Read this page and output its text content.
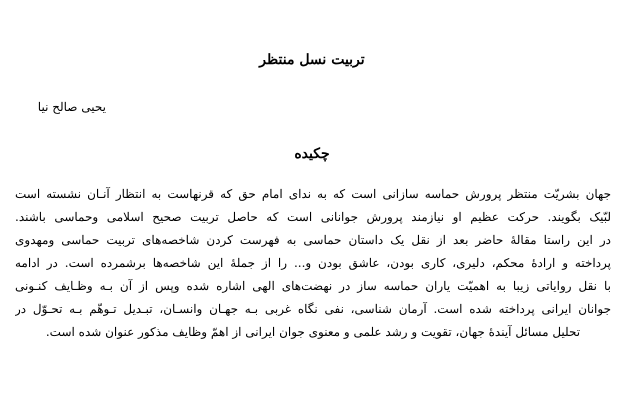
تربیت نسل منتظر
یحیی صالح نیا
چکیده
جهان بشریّت منتظر پرورش حماسه سازانی است که به ندای امام حق که قرنهاست به انتظار آنـان نشسته است
لبّیک بگویند. حرکت عظیم او نیازمند پرورش جوانانی است که حاصل تربیت صحیح اسلامی وحماسی باشند.
در این راستا مقالۀ حاضر بعد از نقل یک داستان حماسی به فهرست کردن شاخصه‌های تربیت حماسی ومهدوی
پرداخته و ارادۀ محکم، دلیری، کاری بودن، عاشق بودن و... را از جملۀ این شاخصه‌ها برشمرده است. در ادامه
با نقل روایاتی زیبا به اهمیّت یاران حماسه ساز در نهضت‌های الهی اشاره شده وپس از آن بـه وظـایف کنـونی
جوانان ایرانی پرداخته شده است. آرمان شناسی، نفی نگاه غربی بـه جهـان وانسـان، تبـدیل تـوهّم بـه تحـوّل در
تحلیل مسائل آیندۀ جهان، تقویت و رشد علمی و معنوی جوان ایرانی از اهمّ وظایف مذکور عنوان شده است.
